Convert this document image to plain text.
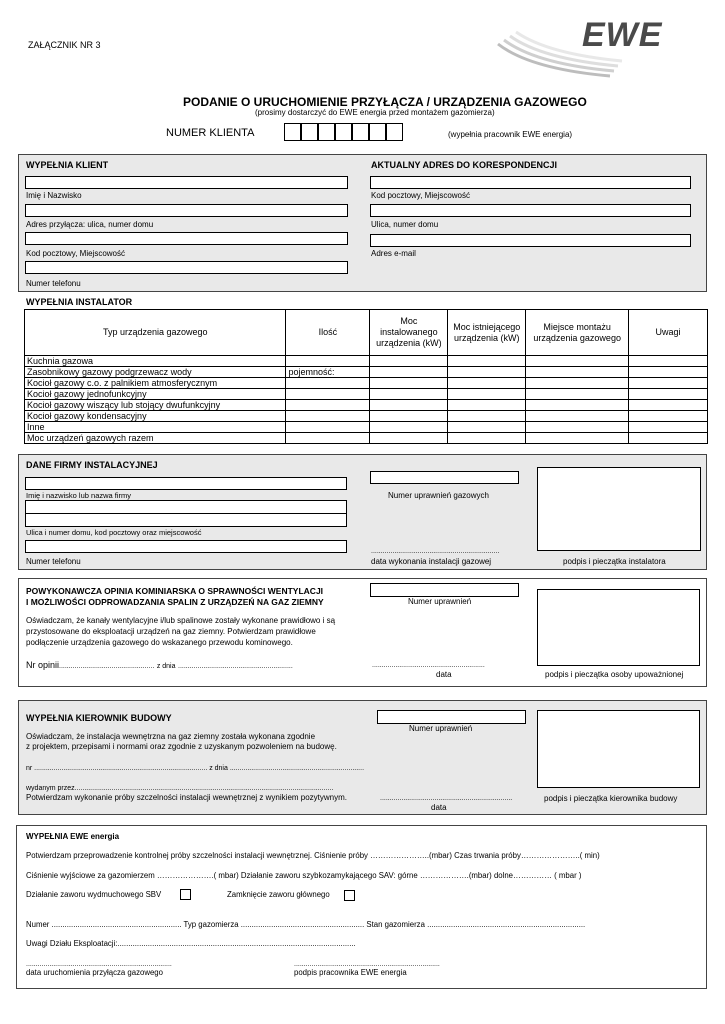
ZAŁĄCZNIK NR 3	EWE
PODANIE O URUCHOMIENIE PRZYŁĄCZA / URZĄDZENIA GAZOWEGO
(prosimy dostarczyć do EWE energia przed montażem gazomierza)
NUMER KLIENTA	(wypełnia pracownik EWE energia)
WYPEŁNIA KLIENT
Imię i Nazwisko
Adres przyłącza: ulica, numer domu
Kod pocztowy, Miejscowość
Numer telefonu
AKTUALNY ADRES DO KORESPONDENCJI
Kod pocztowy, Miejscowość
Ulica, numer domu
Adres e-mail
WYPEŁNIA INSTALATOR
Typ urządzenia gazowego	Ilość	Moc instalowanego urządzenia (kW)	Moc istniejącego urządzenia (kW)	Miejsce montażu urządzenia gazowego	Uwagi
Kuchnia gazowa					
Zasobnikowy gazowy podgrzewacz wody	pojemność:				
Kocioł gazowy c.o. z palnikiem atmosferycznym					
Kocioł gazowy jednofunkcyjny					
Kocioł gazowy wiszący lub stojący dwufunkcyjny					
Kocioł gazowy kondensacyjny					
Inne					
Moc urządzeń gazowych razem					
DANE FIRMY INSTALACYJNEJ
Imię i nazwisko lub nazwa firmy
Ulica i numer domu, kod pocztowy oraz miejscowość
Numer telefonu
Numer uprawnień gazowych
..................................................................
data wykonania instalacji gazowej	podpis i pieczątka instalatora
POWYKONAWCZA OPINIA KOMINIARSKA O SPRAWNOŚCI WENTYLACJI
I MOŻLIWOŚCI ODPROWADZANIA SPALIN Z URZĄDZEŃ NA GAZ ZIEMNY
Oświadczam, że kanały wentylacyjne i/lub spalinowe zostały wykonane prawidłowo i są
przystosowane do eksploatacji urządzeń na gaz ziemny. Potwierdzam prawidłowe
podłączenie urządzenia gazowego do wskazanego przewodu kominowego.
Nr opinii................................................. z dnia ...........................................................
Numer uprawnień
..........................................................
data	podpis i pieczątka osoby upoważnionej
WYPEŁNIA KIEROWNIK BUDOWY
Oświadczam, że instalacja wewnętrzna na gaz ziemny została wykonana zgodnie
z projektem, przepisami i normami oraz zgodnie z uzyskanym pozwoleniem na budowę.
nr ......................................................................................... z dnia .....................................................................
wydanym przez.....................................................................................................................................
Potwierdzam wykonanie próby szczelności instalacji wewnętrznej z wynikiem pozytywnym.
Numer uprawnień
....................................................................
data
podpis i pieczątka kierownika budowy
WYPEŁNIA EWE energia
Potwierdzam przeprowadzenie kontrolnej próby szczelności instalacji wewnętrznej. Ciśnienie próby …………………..(mbar) Czas trwania próby…………………..( min)
Ciśnienie wyjściowe za gazomierzem ………………….( mbar) Działanie zaworu szybkozamykającego SAV: górne ……………….(mbar) dolne…………… ( mbar )
Działanie zaworu wydmuchowego SBV	Zamknięcie zaworu głównego
Numer ............................................................ Typ gazomierza ......................................................... Stan gazomierza .........................................................................
Uwagi Działu Eksploatacji:..............................................................................................................
...........................................................................
data uruchomienia przyłącza gazowego
...........................................................................
podpis pracownika EWE energia
